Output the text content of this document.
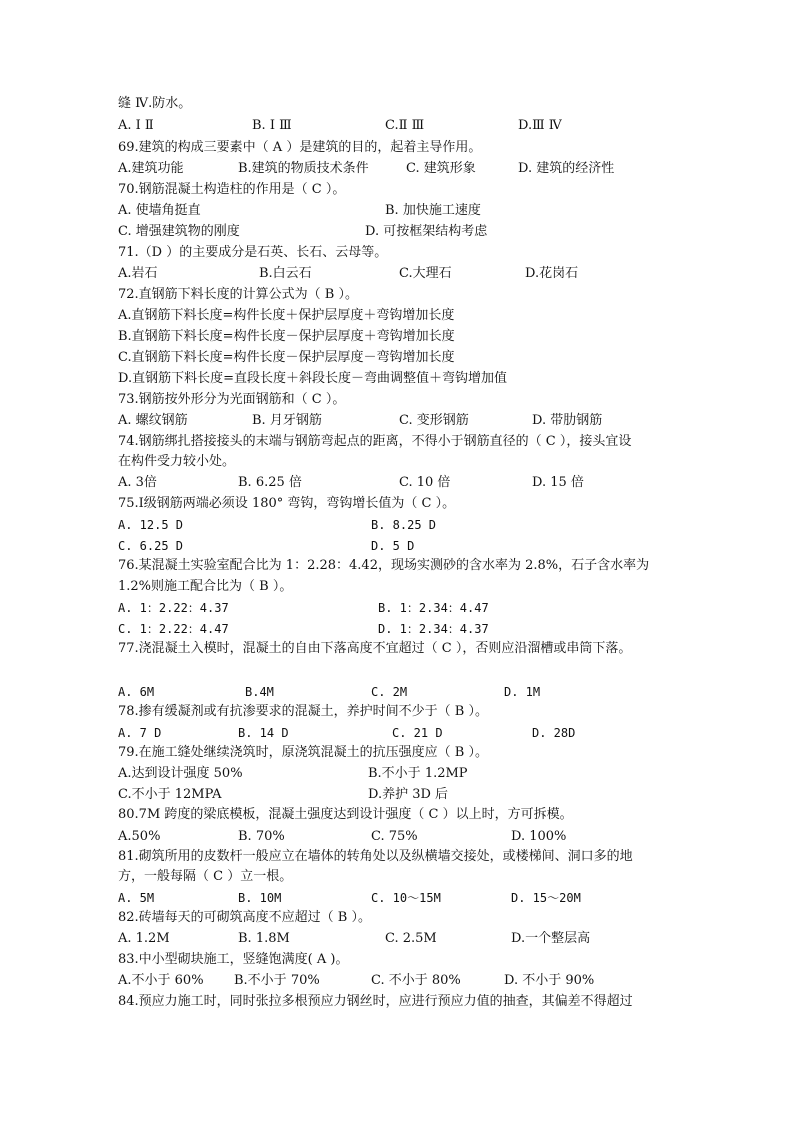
缝 Ⅳ.防水。
A. Ⅰ Ⅱ	B. Ⅰ Ⅲ	C.Ⅱ Ⅲ	D.Ⅲ Ⅳ
69.建筑的构成三要素中（ A ）是建筑的目的，起着主导作用。
A.建筑功能	B.建筑的物质技术条件	C. 建筑形象	D. 建筑的经济性
70.钢筋混凝土构造柱的作用是（ C ）。
A. 使墙角挺直	B. 加快施工速度
C. 增强建筑物的刚度	D. 可按框架结构考虑
71.（D ）的主要成分是石英、长石、云母等。
A.岩石	B.白云石	C.大理石	D.花岗石
72.直钢筋下料长度的计算公式为（ B ）。
A.直钢筋下料长度=构件长度＋保护层厚度＋弯钩增加长度
B.直钢筋下料长度=构件长度－保护层厚度＋弯钩增加长度
C.直钢筋下料长度=构件长度－保护层厚度－弯钩增加长度
D.直钢筋下料长度=直段长度＋斜段长度－弯曲调整值＋弯钩增加值
73.钢筋按外形分为光面钢筋和（ C ）。
A. 螺纹钢筋	B. 月牙钢筋	C. 变形钢筋	D. 带肋钢筋
74.钢筋绑扎搭接接头的末端与钢筋弯起点的距离，不得小于钢筋直径的（ C ），接头宜设
在构件受力较小处。
A. 3倍	B. 6.25 倍	C. 10 倍	D. 15 倍
75.Ⅰ级钢筋两端必须设 180° 弯钩，弯钩增长值为（ C ）。
A. 12.5 D	B. 8.25 D
C. 6.25 D	D. 5 D
76.某混凝土实验室配合比为 1：2.28：4.42，现场实测砂的含水率为 2.8%，石子含水率为
1.2%则施工配合比为（ B ）。
A. 1：2.22：4.37	B. 1：2.34：4.47
C. 1：2.22：4.47	D. 1：2.34：4.37
77.浇混凝土入模时，混凝土的自由下落高度不宜超过（ C ），否则应沿溜槽或串筒下落。
A. 6M	B.4M	C. 2M	D. 1M
78.掺有缓凝剂或有抗渗要求的混凝土，养护时间不少于（ B ）。
A. 7 D	B. 14 D	C. 21 D	D. 28D
79.在施工缝处继续浇筑时，原浇筑混凝土的抗压强度应（ B ）。
A.达到设计强度 50%	B.不小于 1.2MP
C.不小于 12MPA	D.养护 3D 后
80.7M 跨度的梁底模板，混凝土强度达到设计强度（ C ）以上时，方可拆模。
A.50%	B. 70%	C. 75%	D. 100%
81.砌筑所用的皮数杆一般应立在墙体的转角处以及纵横墙交接处，或楼梯间、洞口多的地
方，一般每隔（ C ）立一根。
A. 5M	B. 10M	C. 10～15M	D. 15～20M
82.砖墙每天的可砌筑高度不应超过（ B ）。
A. 1.2M	B. 1.8M	C. 2.5M	D.一个整层高
83.中小型砌块施工，竖缝饱满度( A )。
A.不小于 60% B.不小于 70%	C. 不小于 80%	D. 不小于 90%
84.预应力施工时，同时张拉多根预应力钢丝时，应进行预应力值的抽查，其偏差不得超过
